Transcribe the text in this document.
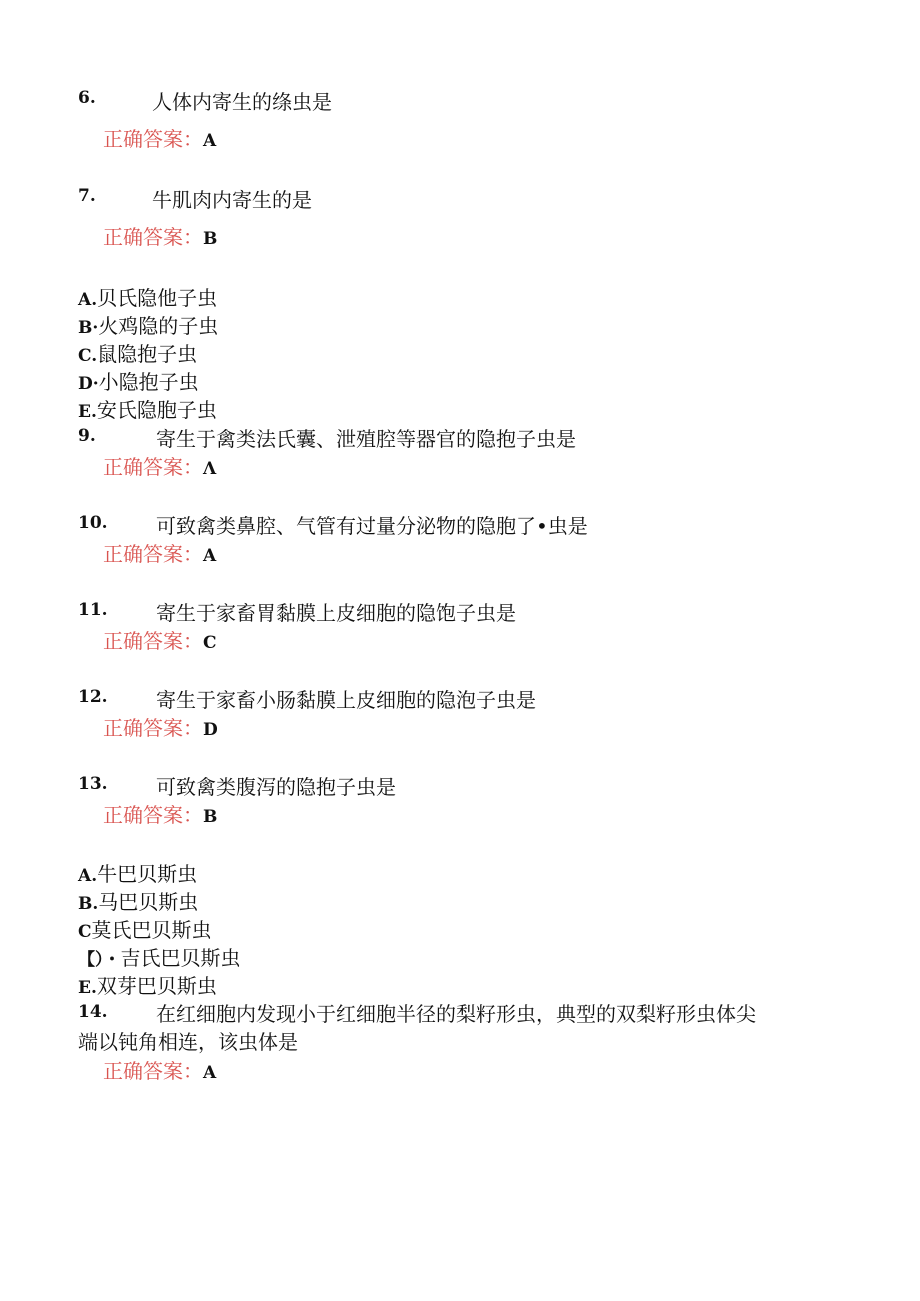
6.	人体内寄生的绦虫是
正确答案：A
7.	牛肌肉内寄生的是
正确答案：B
A.贝氏隐他子虫
B·火鸡隐的子虫
C.鼠隐抱子虫
D·小隐抱子虫
E.安氏隐胞子虫
9.	寄生于禽类法氏囊、泄殖腔等器官的隐抱子虫是
正确答案：Λ
10. 可致禽类鼻腔、气管有过量分泌物的隐胞了•虫是
正确答案：A
11. 寄生于家畜胃黏膜上皮细胞的隐饱子虫是
正确答案：C
12. 寄生于家畜小肠黏膜上皮细胞的隐泡子虫是
正确答案：D
13. 可致禽类腹泻的隐抱子虫是
正确答案：B
A.牛巴贝斯虫
B.马巴贝斯虫
C莫氏巴贝斯虫
【）・吉氏巴贝斯虫
E.双芽巴贝斯虫
14. 在红细胞内发现小于红细胞半径的梨籽形虫，典型的双梨籽形虫体尖
端以钝角相连，该虫体是
正确答案：A
